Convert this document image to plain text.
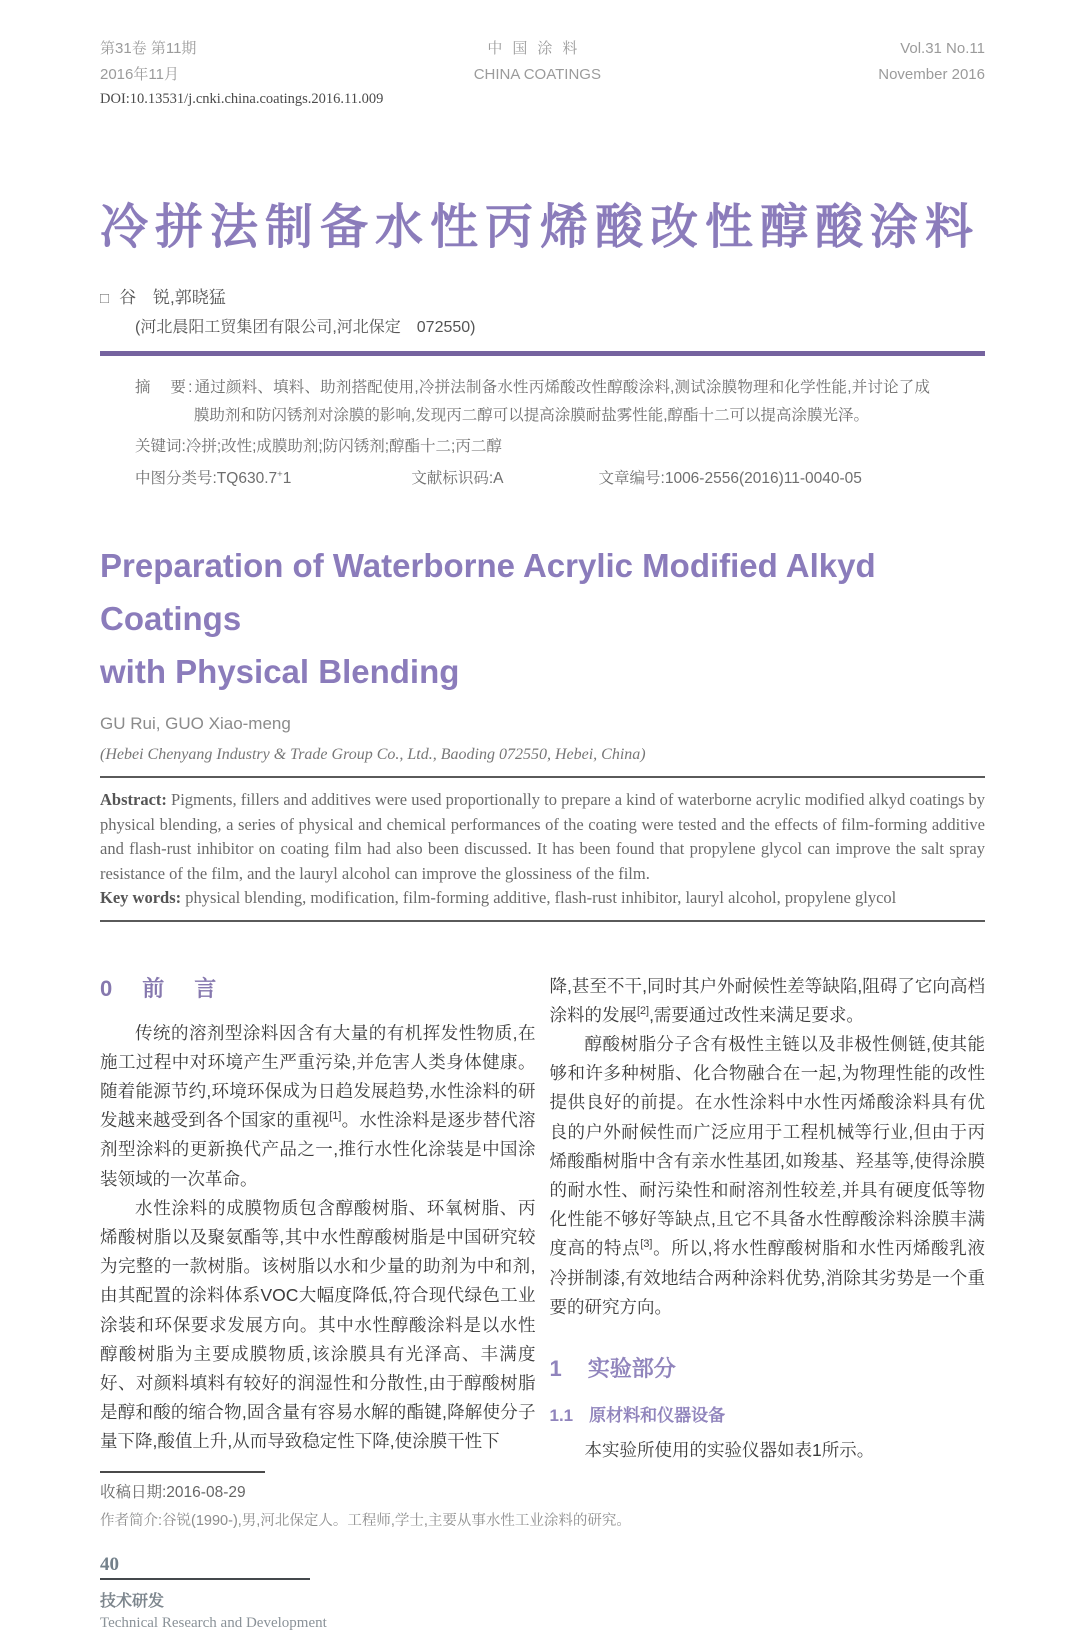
第31卷 第11期
2016年11月
中国涂料
CHINA COATINGS
Vol.31 No.11
November 2016
DOI:10.13531/j.cnki.china.coatings.2016.11.009
冷拼法制备水性丙烯酸改性醇酸涂料
□ 谷　锐,郭晓猛
(河北晨阳工贸集团有限公司,河北保定　072550)

摘　要:通过颜料、填料、助剂搭配使用,冷拼法制备水性丙烯酸改性醇酸涂料,测试涂膜物理和化学性能,并讨论了成膜助剂和防闪锈剂对涂膜的影响,发现丙二醇可以提高涂膜耐盐雾性能,醇酯十二可以提高涂膜光泽。

关键词:冷拼;改性;成膜助剂;防闪锈剂;醇酯十二;丙二醇

中图分类号:TQ630.7+1	文献标识码:A	文章编号:1006-2556(2016)11-0040-05
Preparation of Waterborne Acrylic Modified Alkyd Coatings
with Physical Blending
GU Rui, GUO Xiao-meng
(Hebei Chenyang Industry & Trade Group Co., Ltd., Baoding 072550, Hebei, China)

Abstract: Pigments, fillers and additives were used proportionally to prepare a kind of waterborne acrylic modified alkyd coatings by physical blending, a series of physical and chemical performances of the coating were tested and the effects of film-forming additive and flash-rust inhibitor on coating film had also been discussed. It has been found that propylene glycol can improve the salt spray resistance of the film, and the lauryl alcohol can improve the glossiness of the film.

Key words: physical blending, modification, film-forming additive, flash-rust inhibitor, lauryl alcohol, propylene glycol

0　前　言

传统的溶剂型涂料因含有大量的有机挥发性物质,在施工过程中对环境产生严重污染,并危害人类身体健康。随着能源节约,环境环保成为日趋发展趋势,水性涂料的研发越来越受到各个国家的重视[1]。水性涂料是逐步替代溶剂型涂料的更新换代产品之一,推行水性化涂装是中国涂装领域的一次革命。

水性涂料的成膜物质包含醇酸树脂、环氧树脂、丙烯酸树脂以及聚氨酯等,其中水性醇酸树脂是中国研究较为完整的一款树脂。该树脂以水和少量的助剂为中和剂,由其配置的涂料体系VOC大幅度降低,符合现代绿色工业涂装和环保要求发展方向。其中水性醇酸涂料是以水性醇酸树脂为主要成膜物质,该涂膜具有光泽高、丰满度好、对颜料填料有较好的润湿性和分散性,由于醇酸树脂是醇和酸的缩合物,固含量有容易水解的酯键,降解使分子量下降,酸值上升,从而导致稳定性下降,使涂膜干性下

降,甚至不干,同时其户外耐候性差等缺陷,阻碍了它向高档涂料的发展[2],需要通过改性来满足要求。

醇酸树脂分子含有极性主链以及非极性侧链,使其能够和许多种树脂、化合物融合在一起,为物理性能的改性提供良好的前提。在水性涂料中水性丙烯酸涂料具有优良的户外耐候性而广泛应用于工程机械等行业,但由于丙烯酸酯树脂中含有亲水性基团,如羧基、羟基等,使得涂膜的耐水性、耐污染性和耐溶剂性较差,并具有硬度低等物化性能不够好等缺点,且它不具备水性醇酸涂料涂膜丰满度高的特点[3]。所以,将水性醇酸树脂和水性丙烯酸乳液冷拼制漆,有效地结合两种涂料优势,消除其劣势是一个重要的研究方向。

1 实验部分
1.1 原材料和仪器设备

本实验所使用的实验仪器如表1所示。

收稿日期:2016-08-29
作者简介:谷锐(1990-),男,河北保定人。工程师,学士,主要从事水性工业涂料的研究。
40
技术研发
Technical Research and Development
